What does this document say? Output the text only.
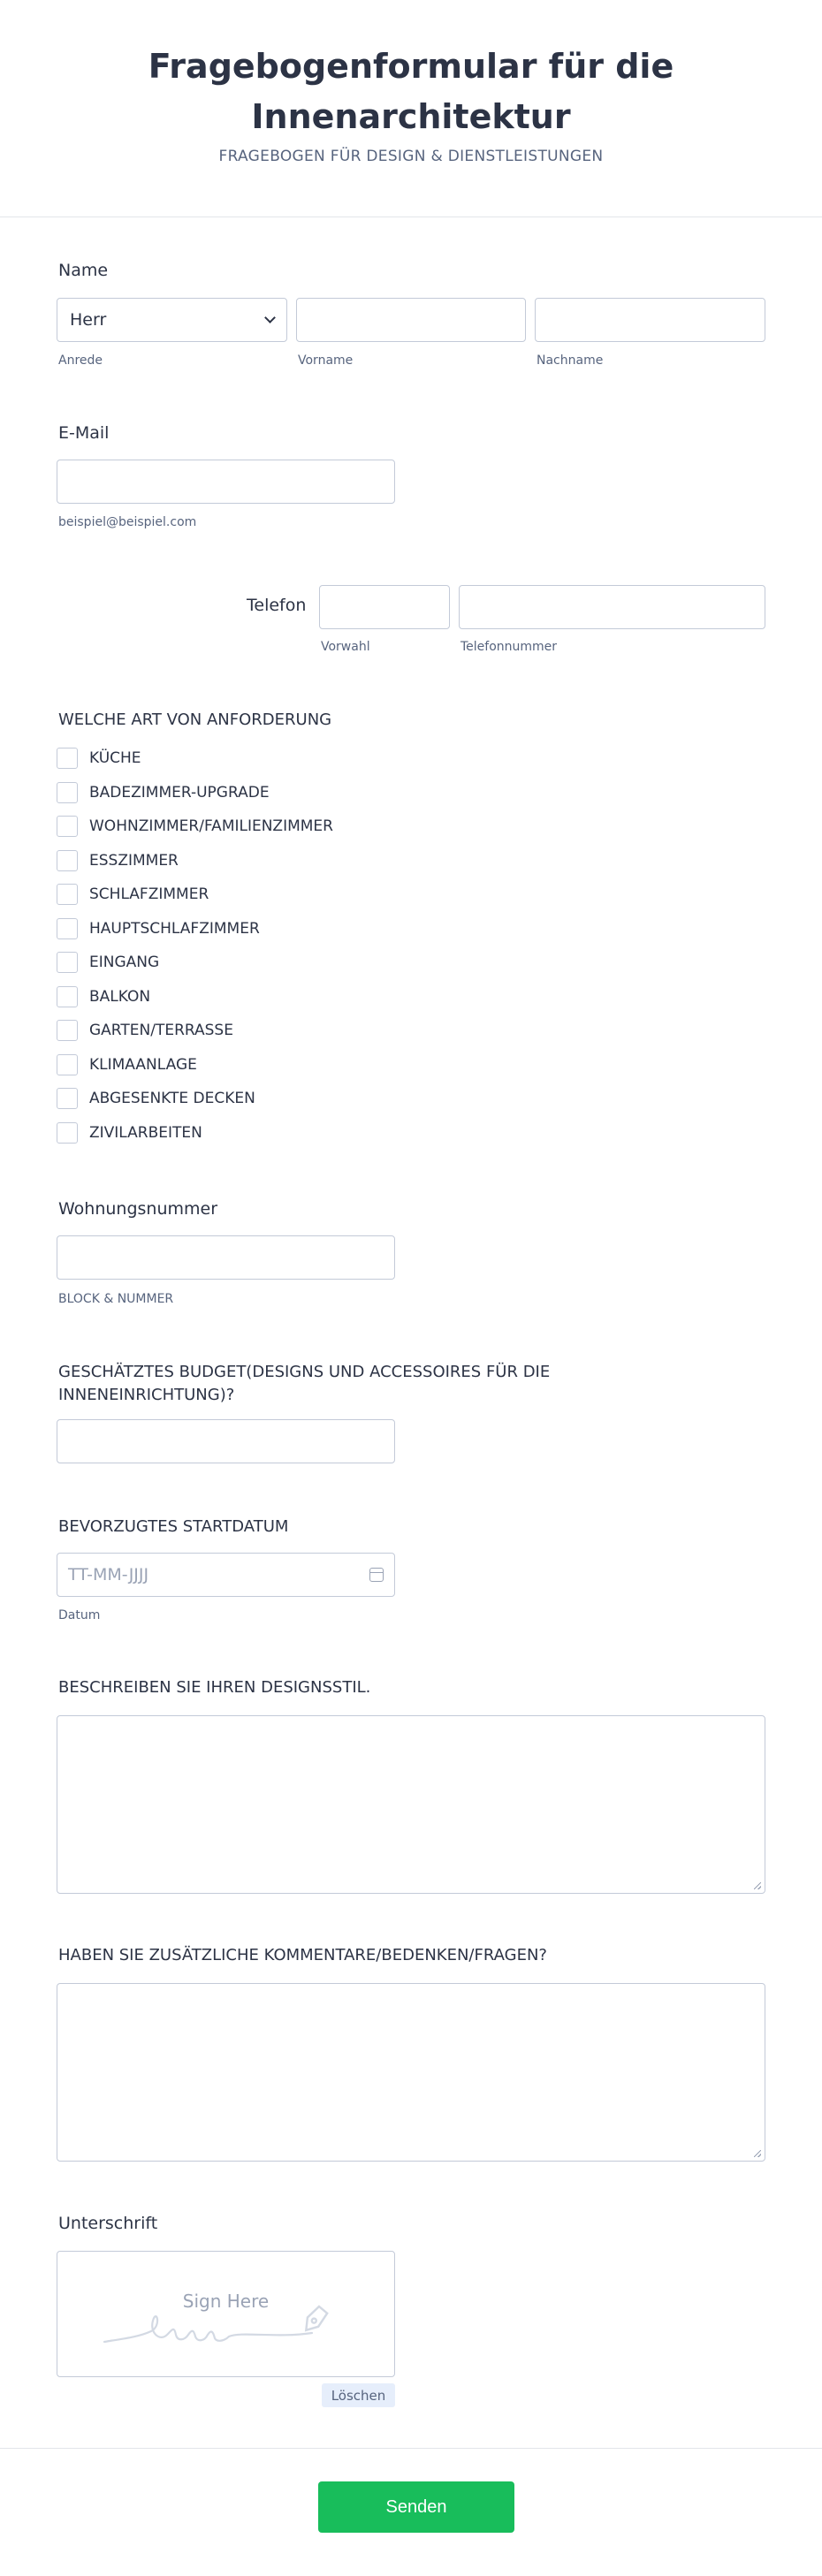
Fragebogenformular für die
Innenarchitektur
FRAGEBOGEN FÜR DESIGN & DIENSTLEISTUNGEN
Name
Herr
Anrede	Vorname	Nachname
E-Mail
beispiel@beispiel.com
Telefon
Vorwahl	Telefonnummer
WELCHE ART VON ANFORDERUNG
KÜCHE
BADEZIMMER-UPGRADE
WOHNZIMMER/FAMILIENZIMMER
ESSZIMMER
SCHLAFZIMMER
HAUPTSCHLAFZIMMER
EINGANG
BALKON
GARTEN/TERRASSE
KLIMAANLAGE
ABGESENKTE DECKEN
ZIVILARBEITEN
Wohnungsnummer
BLOCK & NUMMER
GESCHÄTZTES BUDGET(DESIGNS UND ACCESSOIRES FÜR DIE
INNENEINRICHTUNG)?
BEVORZUGTES STARTDATUM
TT-MM-JJJJ
Datum
BESCHREIBEN SIE IHREN DESIGNSSTIL.
HABEN SIE ZUSÄTZLICHE KOMMENTARE/BEDENKEN/FRAGEN?
Unterschrift
Sign Here
Löschen
Senden
